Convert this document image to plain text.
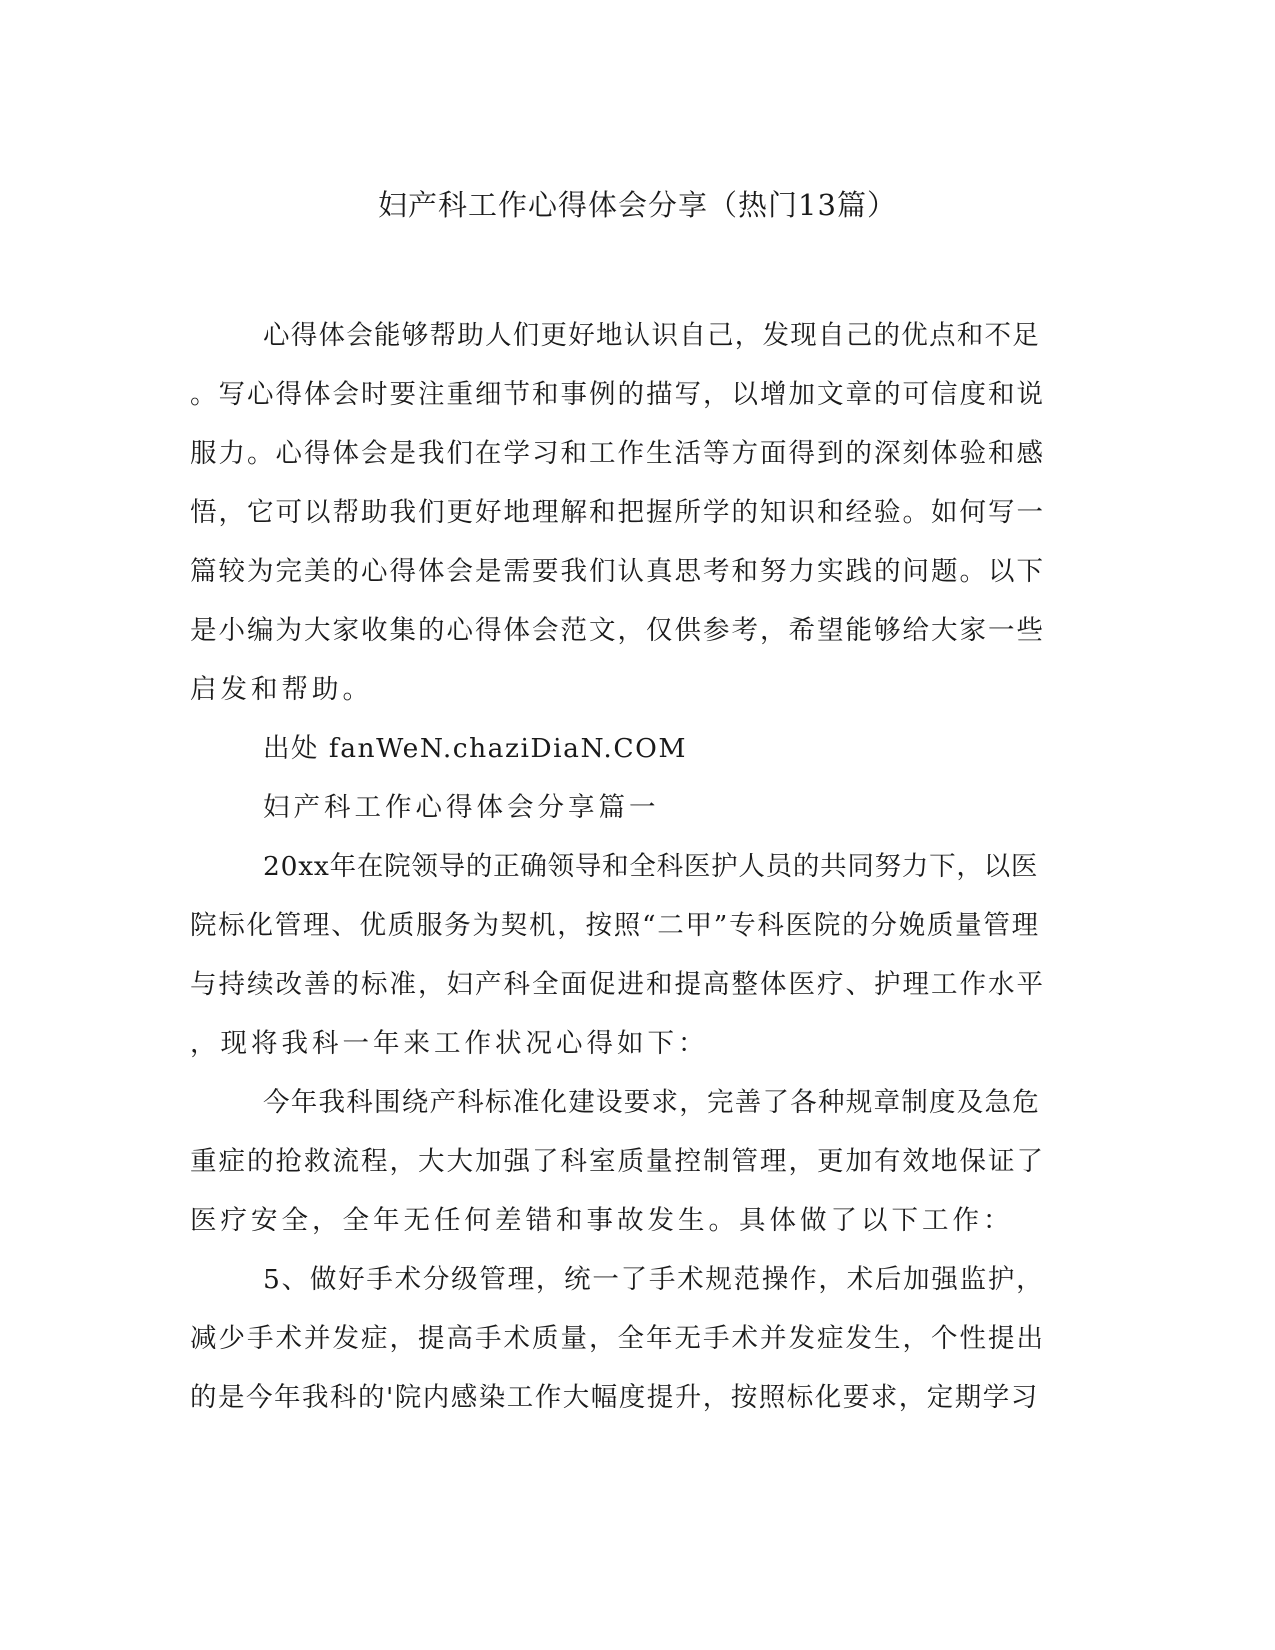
妇产科工作心得体会分享（热门13篇）
心得体会能够帮助人们更好地认识自己，发现自己的优点和不足
。写心得体会时要注重细节和事例的描写，以增加文章的可信度和说
服力。心得体会是我们在学习和工作生活等方面得到的深刻体验和感
悟，它可以帮助我们更好地理解和把握所学的知识和经验。如何写一
篇较为完美的心得体会是需要我们认真思考和努力实践的问题。以下
是小编为大家收集的心得体会范文，仅供参考，希望能够给大家一些
启发和帮助。
出处 fanWeN.chaziDiaN.COM
妇产科工作心得体会分享篇一
20xx年在院领导的正确领导和全科医护人员的共同努力下，以医
院标化管理、优质服务为契机，按照“二甲”专科医院的分娩质量管理
与持续改善的标准，妇产科全面促进和提高整体医疗、护理工作水平
，现将我科一年来工作状况心得如下：
今年我科围绕产科标准化建设要求，完善了各种规章制度及急危
重症的抢救流程，大大加强了科室质量控制管理，更加有效地保证了
医疗安全，全年无任何差错和事故发生。具体做了以下工作：
5、做好手术分级管理，统一了手术规范操作，术后加强监护，
减少手术并发症，提高手术质量，全年无手术并发症发生，个性提出
的是今年我科的'院内感染工作大幅度提升，按照标化要求，定期学习
